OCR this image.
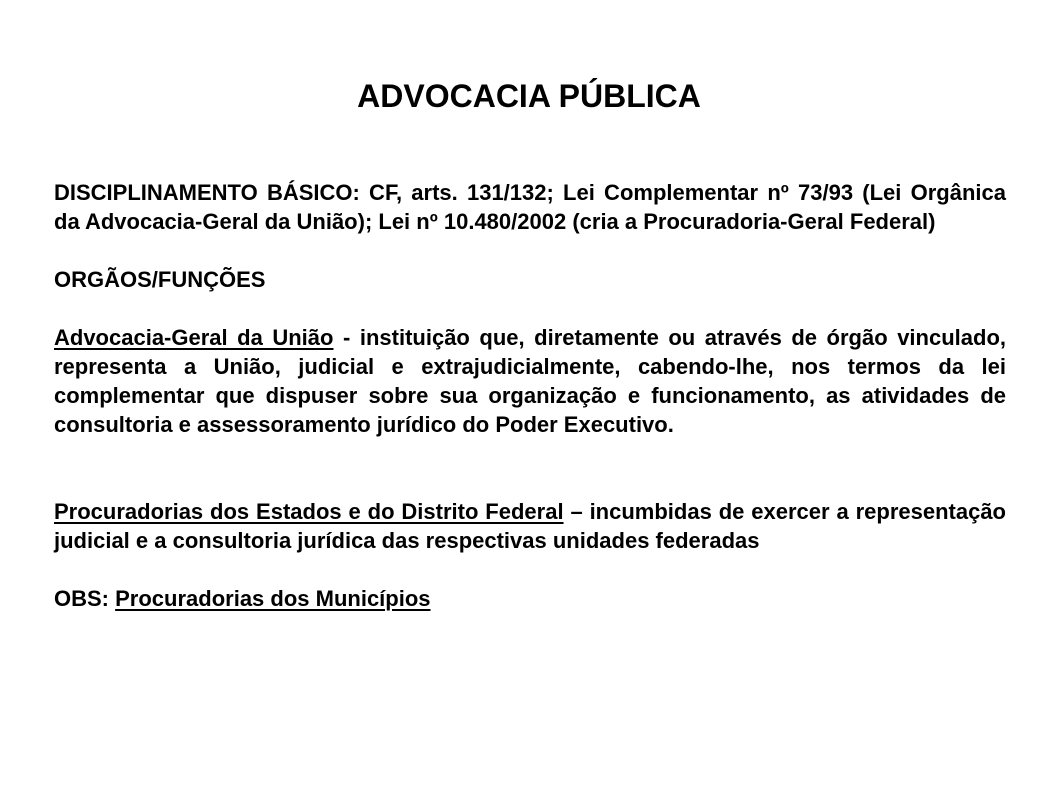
ADVOCACIA PÚBLICA

DISCIPLINAMENTO BÁSICO: CF, arts. 131/132; Lei Complementar nº 73/93 (Lei Orgânica da Advocacia-Geral da União); Lei nº 10.480/2002 (cria a Procuradoria-Geral Federal)

ORGÃOS/FUNÇÕES

Advocacia-Geral da União - instituição que, diretamente ou através de órgão vinculado, representa a União, judicial e extrajudicialmente, cabendo-lhe, nos termos da lei complementar que dispuser sobre sua organização e funcionamento, as atividades de consultoria e assessoramento jurídico do Poder Executivo.

Procuradorias dos Estados e do Distrito Federal – incumbidas de exercer a representação judicial e a consultoria jurídica das respectivas unidades federadas

OBS: Procuradorias dos Municípios
